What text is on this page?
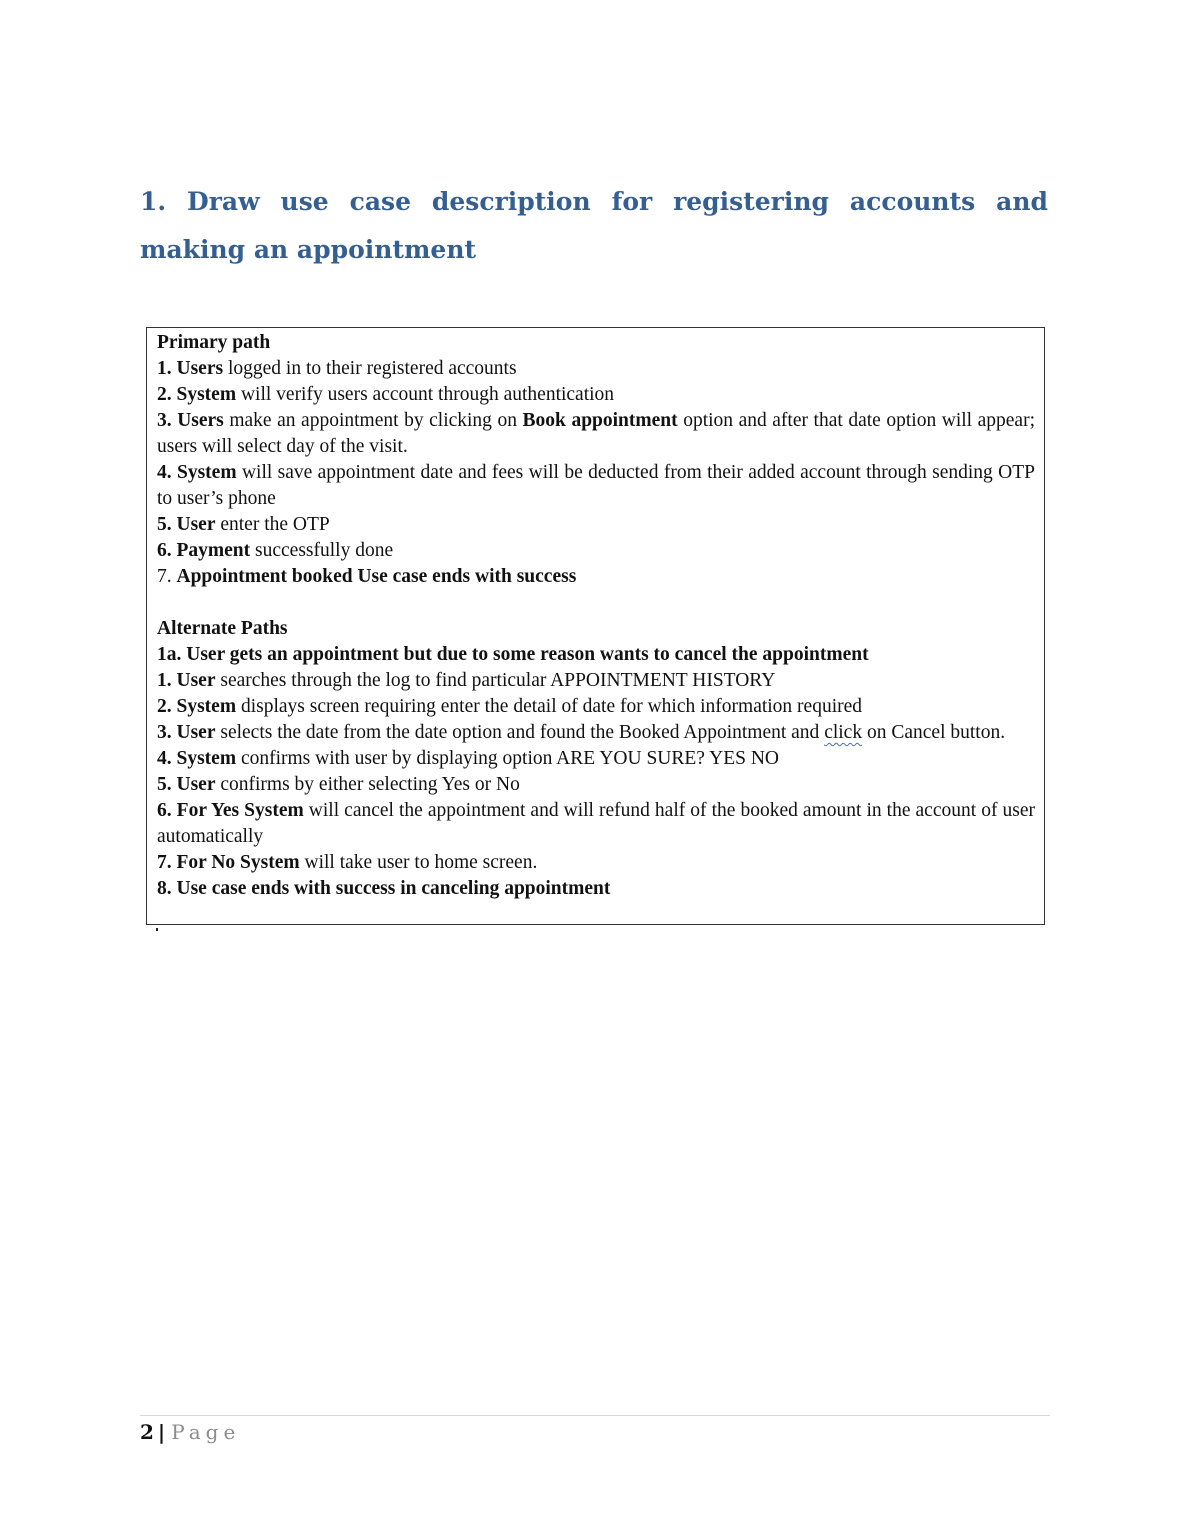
1. Draw use case description for registering accounts and making an appointment

Primary path

1. Users logged in to their registered accounts

2. System will verify users account through authentication

3. Users make an appointment by clicking on Book appointment option and after that date option will appear; users will select day of the visit.

4. System will save appointment date and fees will be deducted from their added account through sending OTP to user’s phone

5. User enter the OTP

6. Payment successfully done

7. Appointment booked Use case ends with success

Alternate Paths

1a. User gets an appointment but due to some reason wants to cancel the appointment

1. User searches through the log to find particular APPOINTMENT HISTORY

2. System displays screen requiring enter the detail of date for which information required

3. User selects the date from the date option and found the Booked Appointment and click on Cancel button.

4. System confirms with user by displaying option ARE YOU SURE? YES NO

5. User confirms by either selecting Yes or No

6. For Yes System will cancel the appointment and will refund half of the booked amount in the account of user automatically

7. For No System will take user to home screen.

8. Use case ends with success in canceling appointment

2 | Page
